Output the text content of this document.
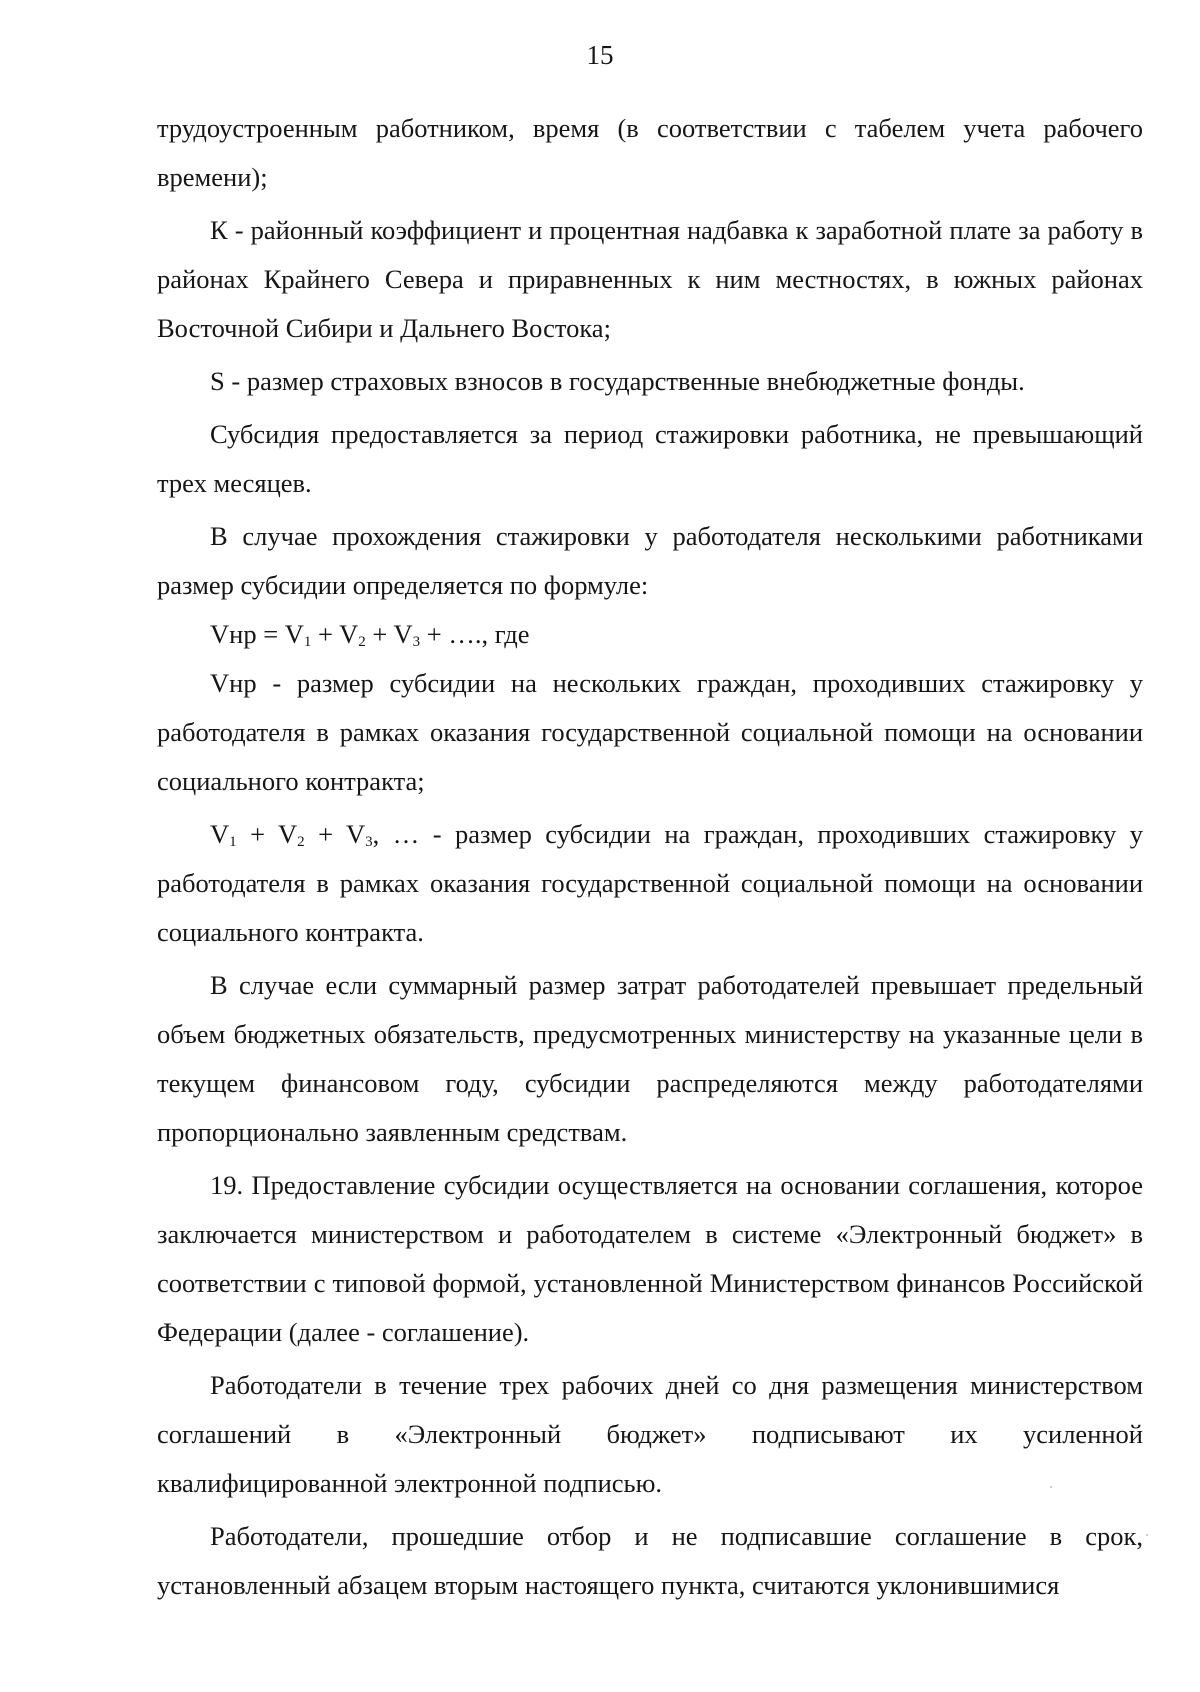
15

трудоустроенным работником, время (в соответствии с табелем учета рабочего времени);

К - районный коэффициент и процентная надбавка к заработной плате за работу в районах Крайнего Севера и приравненных к ним местностях, в южных районах Восточной Сибири и Дальнего Востока;

S - размер страховых взносов в государственные внебюджетные фонды.

Субсидия предоставляется за период стажировки работника, не превышающий трех месяцев.

В случае прохождения стажировки у работодателя несколькими работниками размер субсидии определяется по формуле:

Vнр = $V_1 + V_2 + V_3$ + …., где

Vнр - размер субсидии на нескольких граждан, проходивших стажировку у работодателя в рамках оказания государственной социальной помощи на основании социального контракта;

$V_1 + V_2 + V_3$, … - размер субсидии на граждан, проходивших стажировку у работодателя в рамках оказания государственной социальной помощи на основании социального контракта.

В случае если суммарный размер затрат работодателей превышает предельный объем бюджетных обязательств, предусмотренных министерству на указанные цели в текущем финансовом году, субсидии распределяются между работодателями пропорционально заявленным средствам.

19. Предоставление субсидии осуществляется на основании соглашения, которое заключается министерством и работодателем в системе «Электронный бюджет» в соответствии с типовой формой, установленной Министерством финансов Российской Федерации (далее - соглашение).

Работодатели в течение трех рабочих дней со дня размещения министерством соглашений в «Электронный бюджет» подписывают их усиленной квалифицированной электронной подписью.

Работодатели, прошедшие отбор и не подписавшие соглашение в срок, установленный абзацем вторым настоящего пункта, считаются уклонившимися
